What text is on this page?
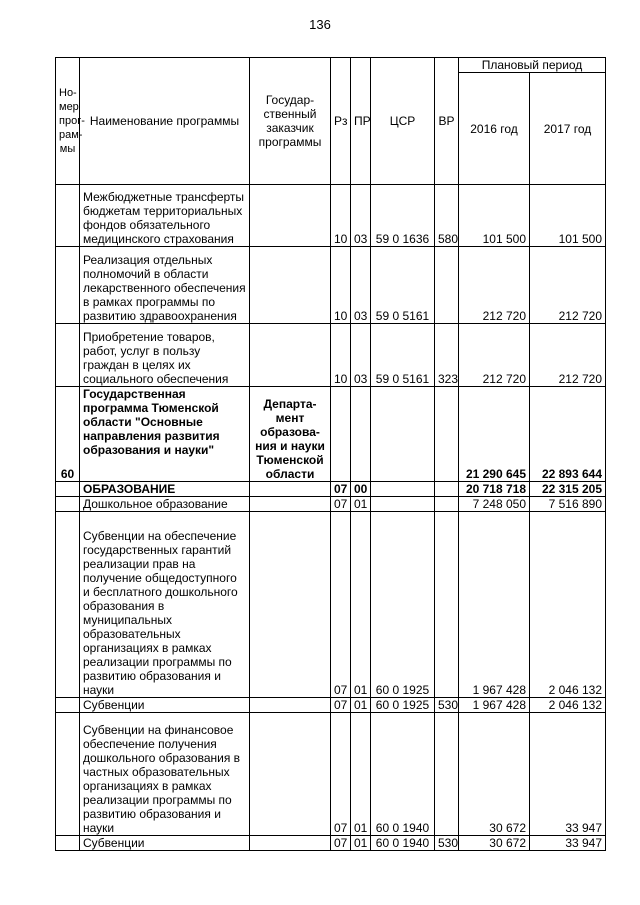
136
Но-мер прог-рам-мы	Наименование программы	Государ-ственный заказчик программы	Рз	ПР	ЦСР	ВР	Плановый период	
							2016 год	2017 год
	Межбюджетные трансферты бюджетам территориальных фондов обязательного медицинского страхования		10	03	59 0 1636	580	101 500	101 500
	Реализация отдельных полномочий в области лекарственного обеспечения в рамках программы по развитию здравоохранения		10	03	59 0 5161		212 720	212 720
	Приобретение товаров, работ, услуг в пользу граждан в целях их социального обеспечения		10	03	59 0 5161	323	212 720	212 720
60	Государственная программа Тюменской области "Основные направления развития образования и науки"	Департа-мент образова-ния и науки Тюменской области					21 290 645	22 893 644
	ОБРАЗОВАНИЕ		07	00			20 718 718	22 315 205
	Дошкольное образование		07	01			7 248 050	7 516 890
	Субвенции на обеспечение государственных гарантий реализации прав на получение общедоступного и бесплатного дошкольного образования в муниципальных образовательных организациях в рамках реализации программы по развитию образования и науки		07	01	60 0 1925		1 967 428	2 046 132
	Субвенции		07	01	60 0 1925	530	1 967 428	2 046 132
	Субвенции на финансовое обеспечение получения дошкольного образования в частных образовательных организациях в рамках реализации программы по развитию образования и науки		07	01	60 0 1940		30 672	33 947
	Субвенции		07	01	60 0 1940	530	30 672	33 947
